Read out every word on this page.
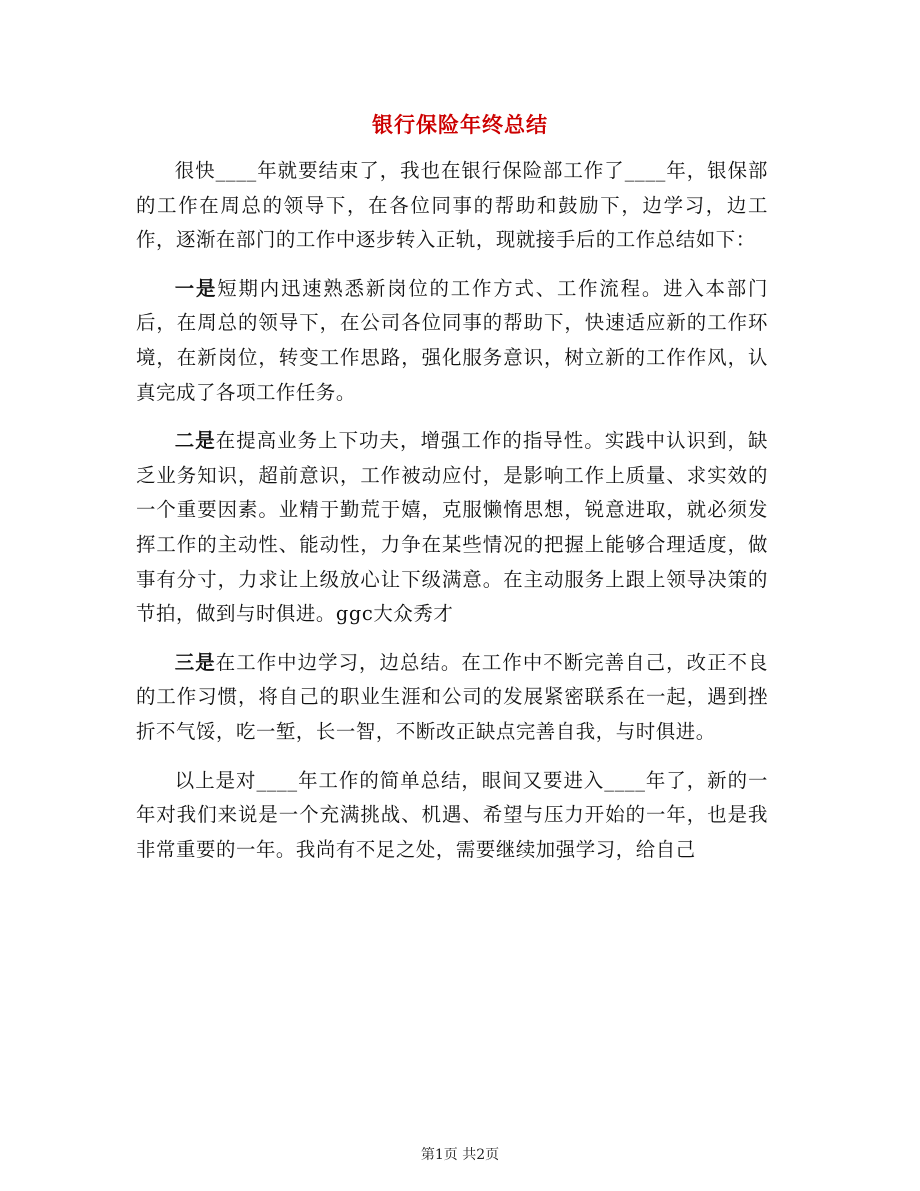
银行保险年终总结

很快____年就要结束了，我也在银行保险部工作了____年，银保部的工作在周总的领导下，在各位同事的帮助和鼓励下，边学习，边工作，逐渐在部门的工作中逐步转入正轨，现就接手后的工作总结如下：

一是短期内迅速熟悉新岗位的工作方式、工作流程。进入本部门后，在周总的领导下，在公司各位同事的帮助下，快速适应新的工作环境，在新岗位，转变工作思路，强化服务意识，树立新的工作作风，认真完成了各项工作任务。

二是在提高业务上下功夫，增强工作的指导性。实践中认识到，缺乏业务知识，超前意识，工作被动应付，是影响工作上质量、求实效的一个重要因素。业精于勤荒于嬉，克服懒惰思想，锐意进取，就必须发挥工作的主动性、能动性，力争在某些情况的把握上能够合理适度，做事有分寸，力求让上级放心让下级满意。在主动服务上跟上领导决策的节拍，做到与时俱进。ggc大众秀才

三是在工作中边学习，边总结。在工作中不断完善自己，改正不良的工作习惯，将自己的职业生涯和公司的发展紧密联系在一起，遇到挫折不气馁，吃一堑，长一智，不断改正缺点完善自我，与时俱进。

以上是对____年工作的简单总结，眼间又要进入____年了，新的一年对我们来说是一个充满挑战、机遇、希望与压力开始的一年，也是我非常重要的一年。我尚有不足之处，需要继续加强学习，给自己

第1页 共2页
